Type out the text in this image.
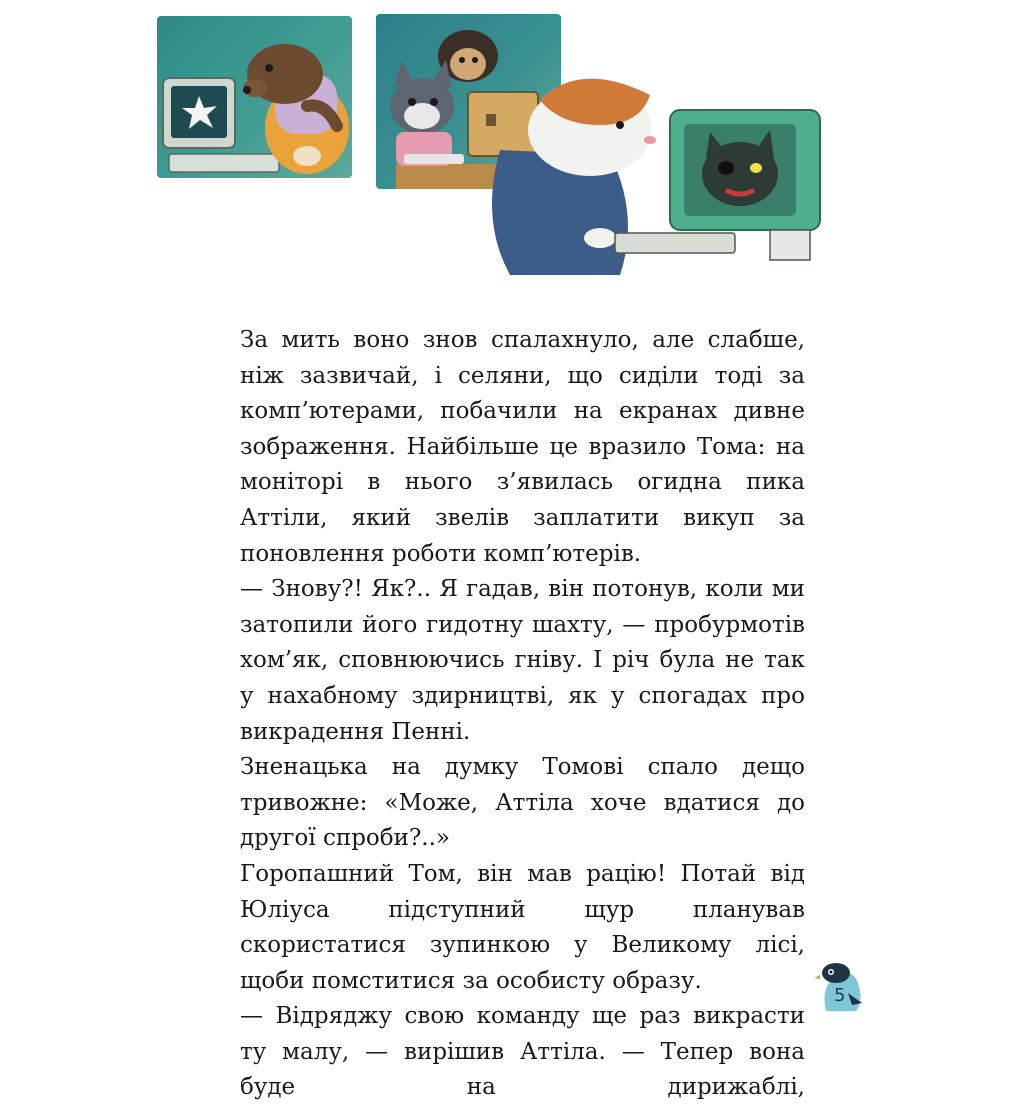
За мить воно знов спалахнуло, але слабше, ніж зазвичай, і селяни, що сиділи тоді за комп’ютерами, побачили на екранах дивне зображення. Найбільше це вразило Тома: на моніторі в нього з’явилась огидна пика Аттіли, який звелів заплатити викуп за поновлення роботи комп’ютерів.

— Знову?! Як?.. Я гадав, він потонув, коли ми затопили його гидотну шахту, — пробурмотів хом’як, сповнюючись гніву. І річ була не так у нахабному здирництві, як у спогадах про викрадення Пенні.

Зненацька на думку Томові спало дещо тривожне: «Може, Аттіла хоче вдатися до другої спроби?..»

Горопашний Том, він мав рацію! Потай від Юліуса підступний щур планував скористатися зупинкою у Великому лісі, щоби помститися за особисту образу.

— Відряджу свою команду ще раз викрасти ту малу, — вирішив Аттіла. — Тепер вона буде на дирижаблі,

5
